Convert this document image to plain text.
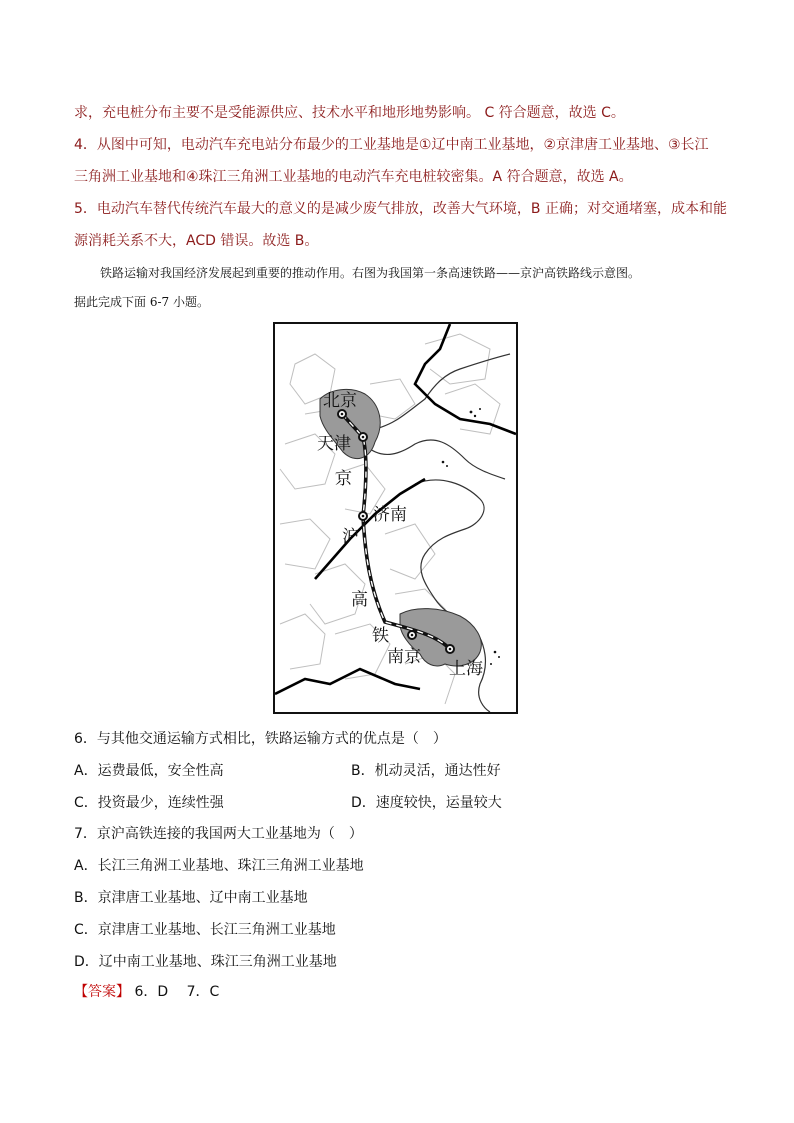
求，充电桩分布主要不是受能源供应、技术水平和地形地势影响。 C 符合题意，故选 C。
4．从图中可知，电动汽车充电站分布最少的工业基地是①辽中南工业基地，②京津唐工业基地、③长江
三角洲工业基地和④珠江三角洲工业基地的电动汽车充电桩较密集。A 符合题意，故选 A。
5．电动汽车替代传统汽车最大的意义的是减少废气排放，改善大气环境，B 正确；对交通堵塞，成本和能
源消耗关系不大，ACD 错误。故选 B。
铁路运输对我国经济发展起到重要的推动作用。右图为我国第一条高速铁路——京沪高铁路线示意图。
据此完成下面 6-7 小题。
北京
天津
济南
京
沪
高
铁
南京
上海
6．与其他交通运输方式相比，铁路运输方式的优点是（　）
A．运费最低，安全性高	B．机动灵活，通达性好
C．投资最少，连续性强	D．速度较快，运量较大
7．京沪高铁连接的我国两大工业基地为（　）
A．长江三角洲工业基地、珠江三角洲工业基地
B．京津唐工业基地、辽中南工业基地
C．京津唐工业基地、长江三角洲工业基地
D．辽中南工业基地、珠江三角洲工业基地
【答案】 6．D　 7．C
